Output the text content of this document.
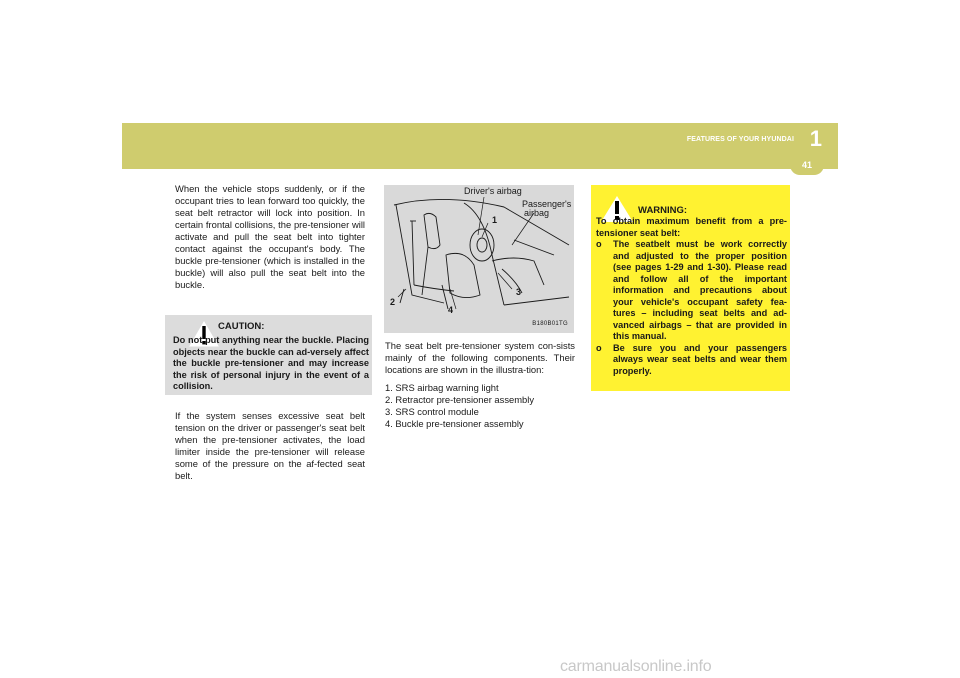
FEATURES OF YOUR HYUNDAI 1
41

When the vehicle stops suddenly, or if the occupant tries to lean forward too quickly, the seat belt retractor will lock into position. In certain frontal collisions, the pre-tensioner will activate and pull the seat belt into tighter contact against the occupant's body. The buckle pre-tensioner (which is installed in the buckle) will also pull the seat belt into the buckle.

If the system senses excessive seat belt tension on the driver or passenger's seat belt when the pre-tensioner activates, the load limiter inside the pre-tensioner will release some of the pressure on the af-fected seat belt.

CAUTION:
Do not put anything near the buckle. Placing objects near the buckle can ad-versely affect the buckle pre-tensioner and may increase the risk of personal injury in the event of a collision.
Driver's airbag
Passenger's
airbag
1
2
3
4
B180B01TG

The seat belt pre-tensioner system con-sists mainly of the following components. Their locations are shown in the illustra-tion:

1. SRS airbag warning light
2. Retractor pre-tensioner assembly
3. SRS control module
4. Buckle pre-tensioner assembly
WARNING:
To obtain maximum benefit from a pre-tensioner seat belt:
o The seatbelt must be work correctly and adjusted to the proper position (see pages 1-29 and 1-30). Please read and follow all of the important information and precautions about your vehicle's occupant safety fea-tures – including seat belts and ad-vanced airbags – that are provided in this manual.
o Be sure you and your passengers always wear seat belts and wear them properly.
carmanualsonline.info
